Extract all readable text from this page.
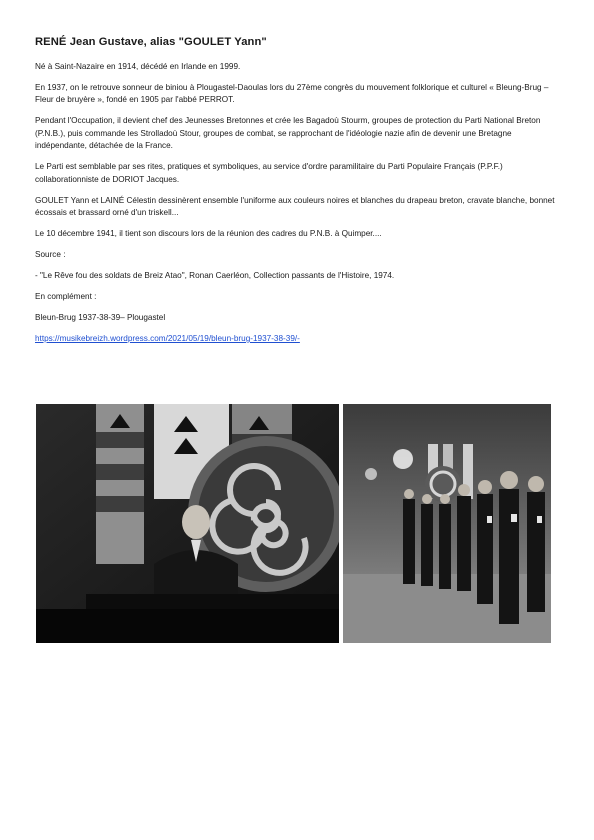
RENÉ Jean Gustave, alias "GOULET Yann"

Né à Saint-Nazaire en 1914, décédé en Irlande en 1999.

En 1937, on le retrouve sonneur de biniou à Plougastel-Daoulas lors du 27ème congrès du mouvement folklorique et culturel « Bleung-Brug – Fleur de bruyère », fondé en 1905 par l'abbé PERROT.

Pendant l'Occupation, il devient chef des Jeunesses Bretonnes et crée les Bagadoù Stourm, groupes de protection du Parti National Breton (P.N.B.), puis commande les Strolladoù Stour, groupes de combat, se rapprochant de l'idéologie nazie afin de devenir une Bretagne indépendante, détachée de la France.

Le Parti est semblable par ses rites, pratiques et symboliques, au service d'ordre paramilitaire du Parti Populaire Français (P.P.F.) collaborationniste de DORIOT Jacques.

GOULET Yann et LAINÉ Célestin dessinèrent ensemble l'uniforme aux couleurs noires et blanches du drapeau breton, cravate blanche, bonnet écossais et brassard orné d'un triskell...

Le 10 décembre 1941, il tient son discours lors de la réunion des cadres du P.N.B. à Quimper....

Source :

- "Le Rêve fou des soldats de Breiz Atao", Ronan Caerléon, Collection passants de l'Histoire, 1974.

En complément :

Bleun-Brug 1937-38-39– Plougastel

https://musikebreizh.wordpress.com/2021/05/19/bleun-brug-1937-38-39/-
